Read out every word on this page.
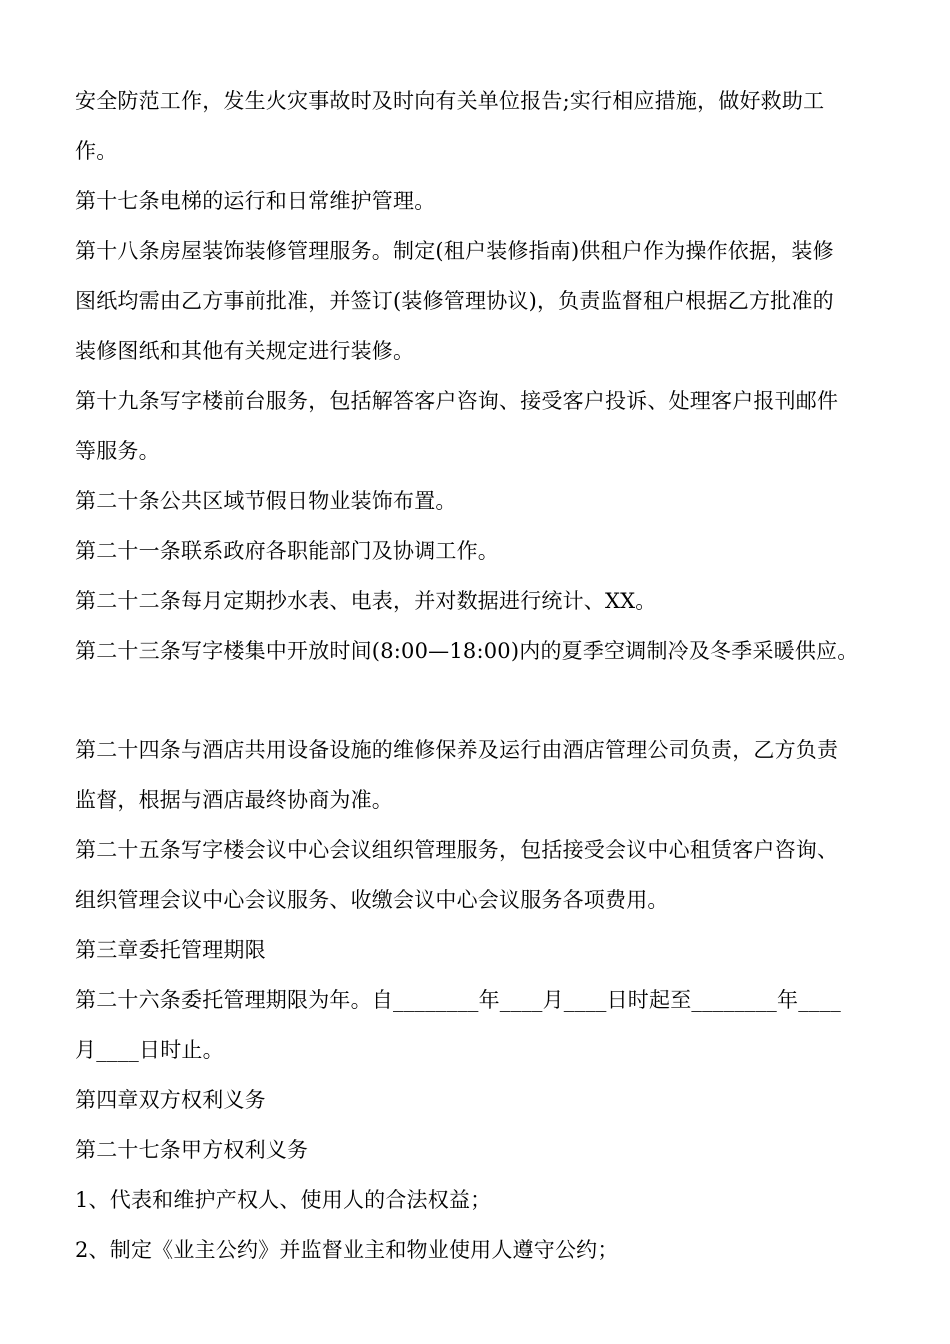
安全防范工作，发生火灾事故时及时向有关单位报告;实行相应措施，做好救助工
作。
第十七条电梯的运行和日常维护管理。
第十八条房屋装饰装修管理服务。制定(租户装修指南)供租户作为操作依据，装修
图纸均需由乙方事前批准，并签订(装修管理协议)，负责监督租户根据乙方批准的
装修图纸和其他有关规定进行装修。
第十九条写字楼前台服务，包括解答客户咨询、接受客户投诉、处理客户报刊邮件
等服务。
第二十条公共区域节假日物业装饰布置。
第二十一条联系政府各职能部门及协调工作。
第二十二条每月定期抄水表、电表，并对数据进行统计、XX。
第二十三条写字楼集中开放时间(8:00—18:00)内的夏季空调制冷及冬季采暖供应。
第二十四条与酒店共用设备设施的维修保养及运行由酒店管理公司负责，乙方负责
监督，根据与酒店最终协商为准。
第二十五条写字楼会议中心会议组织管理服务，包括接受会议中心租赁客户咨询、
组织管理会议中心会议服务、收缴会议中心会议服务各项费用。
第三章委托管理期限
第二十六条委托管理期限为年。自________年____月____日时起至________年____
月____日时止。
第四章双方权利义务
第二十七条甲方权利义务
1、代表和维护产权人、使用人的合法权益；
2、制定《业主公约》并监督业主和物业使用人遵守公约；
